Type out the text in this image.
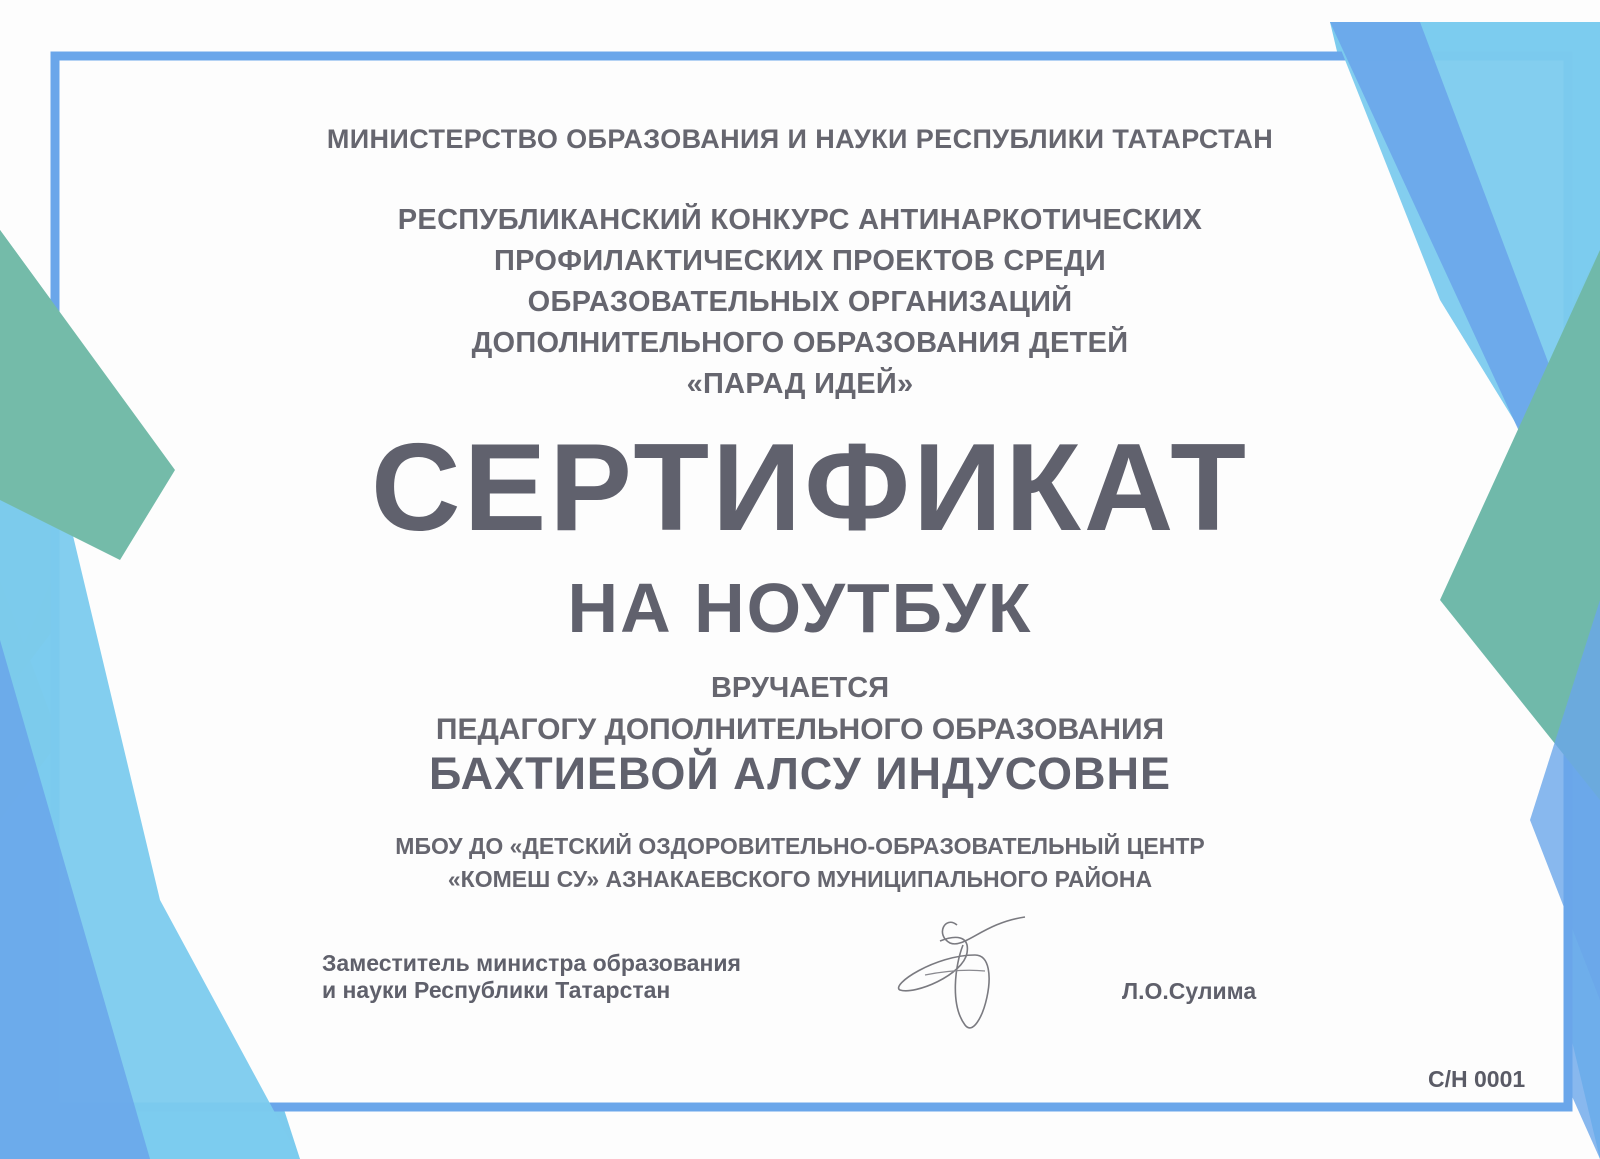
МИНИСТЕРСТВО ОБРАЗОВАНИЯ И НАУКИ РЕСПУБЛИКИ ТАТАРСТАН

РЕСПУБЛИКАНСКИЙ КОНКУРС АНТИНАРКОТИЧЕСКИХ
ПРОФИЛАКТИЧЕСКИХ ПРОЕКТОВ СРЕДИ
ОБРАЗОВАТЕЛЬНЫХ ОРГАНИЗАЦИЙ
ДОПОЛНИТЕЛЬНОГО ОБРАЗОВАНИЯ ДЕТЕЙ
«ПАРАД ИДЕЙ»

СЕРТИФИКАТ

НА НОУТБУК

ВРУЧАЕТСЯ

ПЕДАГОГУ ДОПОЛНИТЕЛЬНОГО ОБРАЗОВАНИЯ

БАХТИЕВОЙ АЛСУ ИНДУСОВНЕ

МБОУ ДО «ДЕТСКИЙ ОЗДОРОВИТЕЛЬНО-ОБРАЗОВАТЕЛЬНЫЙ ЦЕНТР
«КОМЕШ СУ» АЗНАКАЕВСКОГО МУНИЦИПАЛЬНОГО РАЙОНА

Заместитель министра образования
и науки Республики Татарстан	Л.О.Сулима

С/Н 0001
